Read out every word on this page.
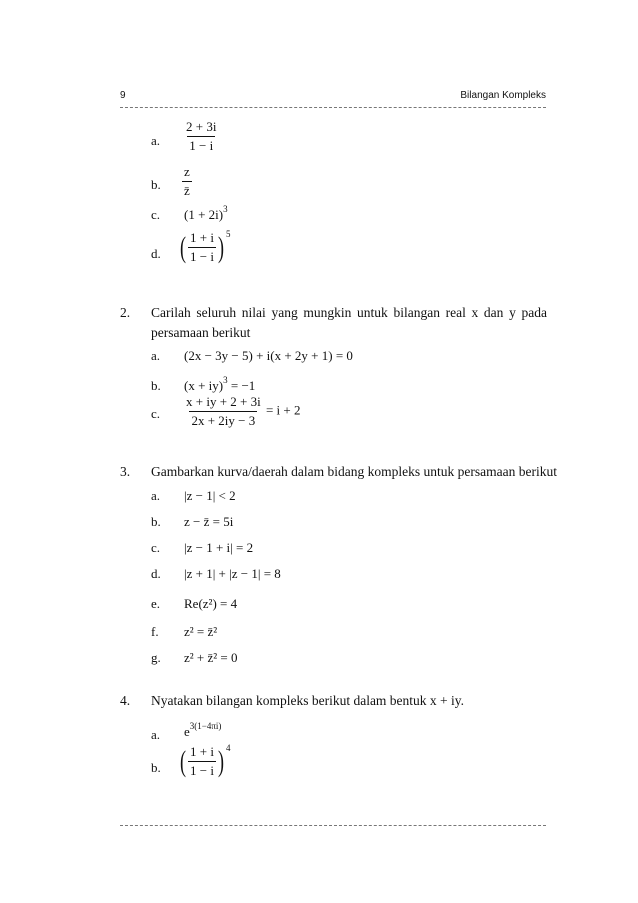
9	Bilangan Kompleks
a. $\frac{2 + 3i}{1 - i}$
b. $\frac{z}{z̄}$
c. $(1 + 2i)^3$
d. ( $\frac{1 + i}{1 - i} )^5$
2. Carilah seluruh nilai yang mungkin untuk bilangan real x dan y pada
persamaan berikut
a. (2x − 3y − 5) + i(x + 2y + 1) = 0
b. (x + iy)$^3$ = −1
c. $\frac{x + iy + 2 + 3i}{2x + 2iy - 3} = i + 2$
3. Gambarkan kurva/daerah dalam bidang kompleks untuk persamaan berikut
a. |z − 1| < 2
b. z − z̄ = 5i
c. |z − 1 + i| = 2
d. |z + 1| + |z − 1| = 8
e. Re(z²) = 4
f. z² = z̄²
g. z² + z̄² = 0
4. Nyatakan bilangan kompleks berikut dalam bentuk x + iy.
a. $e^{3(1-4\pi i)}$
b. ( $\frac{1 + i}{1 - i} )^4$
